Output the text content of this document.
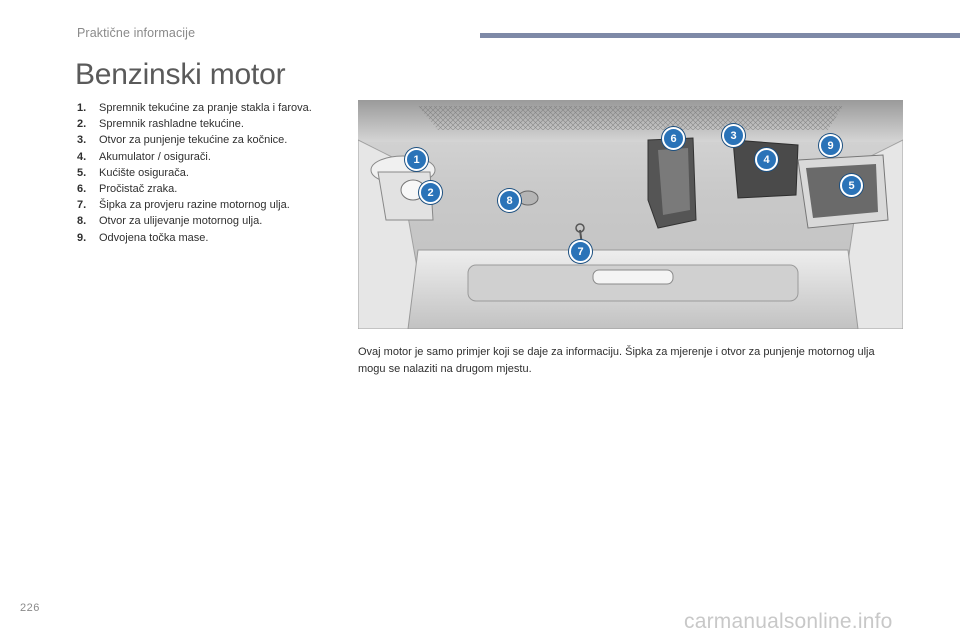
Praktične informacije
Benzinski motor
1.	Spremnik tekućine za pranje stakla i farova.
2.	Spremnik rashladne tekućine.
3.	Otvor za punjenje tekućine za kočnice.
4.	Akumulator / osigurači.
5.	Kućište osigurača.
6.	Pročistač zraka.
7.	Šipka za provjeru razine motornog ulja.
8.	Otvor za ulijevanje motornog ulja.
9.	Odvojena točka mase.
1
2
3
4
5
6
7
8
9

Ovaj motor je samo primjer koji se daje za informaciju. Šipka za mjerenje i otvor za punjenje motornog ulja mogu se nalaziti na drugom mjestu.

226
carmanualsonline.info
